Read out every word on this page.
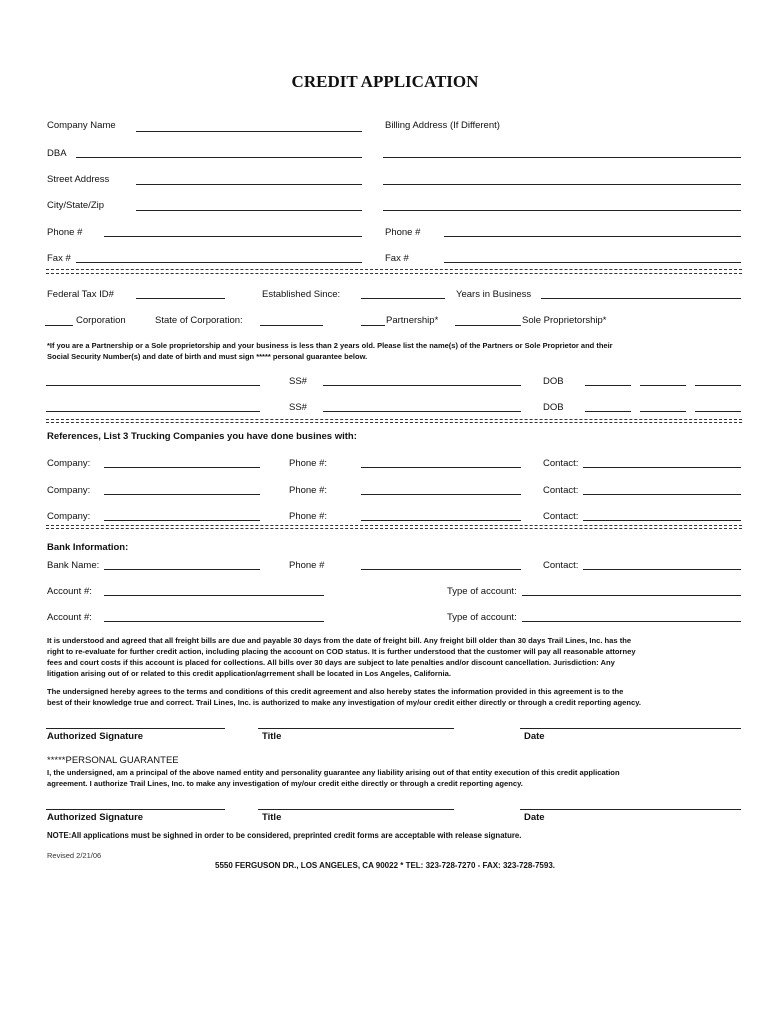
CREDIT APPLICATION
Company Name	Billing Address (If Different)
DBA
Street Address
City/State/Zip
Phone #	Phone #
Fax #	Fax #
Federal Tax ID#	Established Since:	Years in Business
Corporation	State of Corporation:	Partnership*	Sole Proprietorship*
*If you are a Partnership or a Sole proprietorship and your business is less than 2 years old. Please list the name(s) of the Partners or Sole Proprietor and their
Social Security Number(s) and date of birth and must sign ***** personal guarantee below.
SS#	DOB
SS#	DOB
References, List 3 Trucking Companies you have done busines with:
Company:	Phone #:	Contact:
Company:	Phone #:	Contact:
Company:	Phone #:	Contact:
Bank Information:
Bank Name:	Phone #	Contact:
Account #:	Type of account:
Account #:	Type of account:
It is understood and agreed that all freight bills are due and payable 30 days from the date of freight bill. Any freight bill older than 30 days Trail Lines, Inc. has the
right to re-evaluate for further credit action, including placing the account on COD status. It is further understood that the customer will pay all reasonable attorney
fees and court costs if this account is placed for collections. All bills over 30 days are subject to late penalties and/or discount cancellation. Jurisdiction: Any
litigation arising out of or related to this credit application/agrrement shall be located in Los Angeles, California.
The undersigned hereby agrees to the terms and conditions of this credit agreement and also hereby states the information provided in this agreement is to the
best of their knowledge true and correct. Trail Lines, Inc. is authorized to make any investigation of my/our credit either directly or through a credit reporting agency.
Authorized Signature	Title	Date
*****PERSONAL GUARANTEE
I, the undersigned, am a principal of the above named entity and personality guarantee any liability arising out of that entity execution of this credit application
agreement. I authorize Trail Lines, Inc. to make any investigation of my/our credit eithe directly or through a credit reporting agency.
Authorized Signature	Title	Date
NOTE:All applications must be sighned in order to be considered, preprinted credit forms are acceptable with release signature.
Revised 2/21/06
5550 FERGUSON DR., LOS ANGELES, CA 90022 * TEL: 323-728-7270 - FAX: 323-728-7593.
